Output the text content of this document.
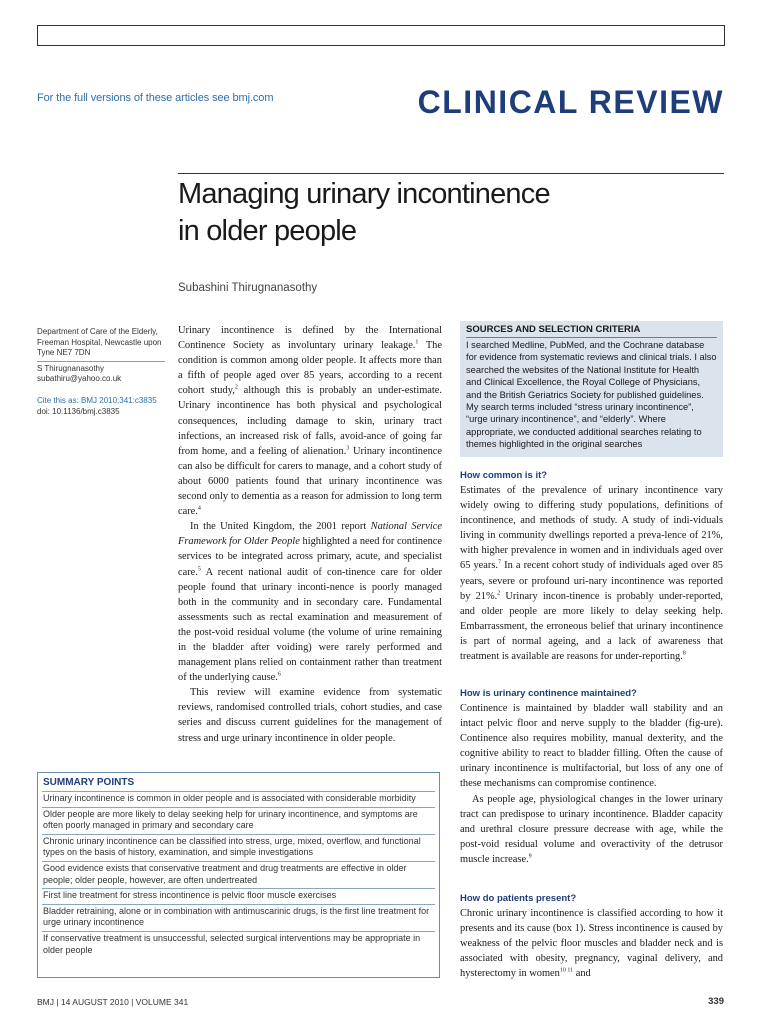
For the full versions of these articles see bmj.com	CLINICAL REVIEW
Managing urinary incontinence
in older people
Subashini Thirugnanasothy
Department of Care of the Elderly, Freeman Hospital, Newcastle upon Tyne NE7 7DN
S Thirugnanasothy
subathiru@yahoo.co.uk
Cite this as: BMJ 2010;341:c3835
doi: 10.1136/bmj.c3835

Urinary incontinence is defined by the International Continence Society as involuntary urinary leakage.$^1$ The condition is common among older people. It affects more than a fifth of people aged over 85 years, according to a recent cohort study,$^2$ although this is probably an under-estimate. Urinary incontinence has both physical and psychological consequences, including damage to skin, urinary tract infections, an increased risk of falls, avoid-ance of going far from home, and a feeling of alienation.$^3$ Urinary incontinence can also be difficult for carers to manage, and a cohort study of about 6000 patients found that urinary incontinence was second only to dementia as a reason for admission to long term care.$^4$

In the United Kingdom, the 2001 report National Service Framework for Older People highlighted a need for continence services to be integrated across primary, acute, and specialist care.$^5$ A recent national audit of con-tinence care for older people found that urinary inconti-nence is poorly managed both in the community and in secondary care. Fundamental assessments such as rectal examination and measurement of the post-void residual volume (the volume of urine remaining in the bladder after voiding) were rarely performed and management plans relied on containment rather than treatment of the underlying cause.$^6$

This review will examine evidence from systematic reviews, randomised controlled trials, cohort studies, and case series and discuss current guidelines for the management of stress and urge urinary incontinence in older people.

SOURCES AND SELECTION CRITERIA
I searched Medline, PubMed, and the Cochrane database for evidence from systematic reviews and clinical trials. I also searched the websites of the National Institute for Health and Clinical Excellence, the Royal College of Physicians, and the British Geriatrics Society for published guidelines. My search terms included “stress urinary incontinence”, “urge urinary incontinence”, and “elderly”. Where appropriate, we conducted additional searches relating to themes highlighted in the original searches
How common is it?

Estimates of the prevalence of urinary incontinence vary widely owing to differing study populations, definitions of incontinence, and methods of study. A study of indi-viduals living in community dwellings reported a preva-lence of 21%, with higher prevalence in women and in individuals aged over 65 years.$^7$ In a recent cohort study of individuals aged over 85 years, severe or profound uri-nary incontinence was reported by 21%.$^2$ Urinary incon-tinence is probably under-reported, and older people are more likely to delay seeking help. Embarrassment, the erroneous belief that urinary incontinence is part of normal ageing, and a lack of awareness that treatment is available are reasons for under-reporting.$^8$

How is urinary continence maintained?

Continence is maintained by bladder wall stability and an intact pelvic floor and nerve supply to the bladder (fig-ure). Continence also requires mobility, manual dexterity, and the cognitive ability to react to bladder filling. Often the cause of urinary incontinence is multifactorial, but loss of any one of these mechanisms can compromise continence.

As people age, physiological changes in the lower urinary tract can predispose to urinary incontinence. Bladder capacity and urethral closure pressure decrease with age, while the post-void residual volume and overactivity of the detrusor muscle increase.$^9$

How do patients present?

Chronic urinary incontinence is classified according to how it presents and its cause (box 1). Stress incontinence is caused by weakness of the pelvic floor muscles and bladder neck and is associated with obesity, pregnancy, vaginal delivery, and hysterectomy in women$^{10 11}$ and

SUMMARY POINTS
Urinary incontinence is common in older people and is associated with considerable morbidity
Older people are more likely to delay seeking help for urinary incontinence, and symptoms are often poorly managed in primary and secondary care
Chronic urinary incontinence can be classified into stress, urge, mixed, overflow, and functional types on the basis of history, examination, and simple investigations
Good evidence exists that conservative treatment and drug treatments are effective in older people; older people, however, are often undertreated
First line treatment for stress incontinence is pelvic floor muscle exercises
Bladder retraining, alone or in combination with antimuscarinic drugs, is the first line treatment for urge urinary incontinence
If conservative treatment is unsuccessful, selected surgical interventions may be appropriate in older people
BMJ | 14 AUGUST 2010 | VOLUME 341	339
